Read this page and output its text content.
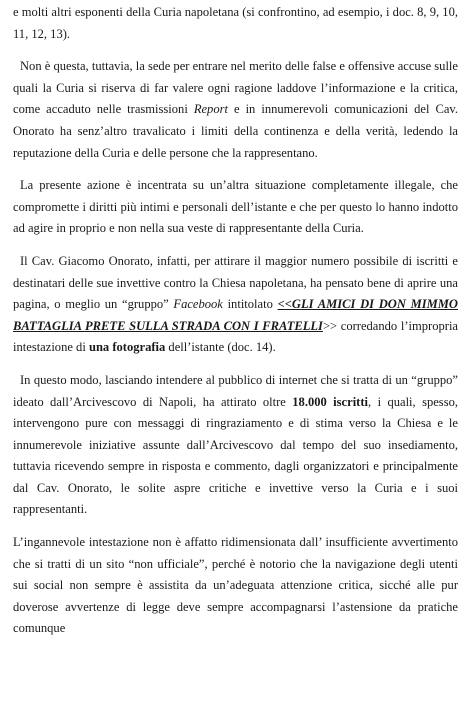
e molti altri esponenti della Curia napoletana (si confrontino, ad esempio, i doc. 8, 9, 10, 11, 12, 13).

Non è questa, tuttavia, la sede per entrare nel merito delle false e offensive accuse sulle quali la Curia si riserva di far valere ogni ragione laddove l’informazione e la critica, come accaduto nelle trasmissioni Report e in innumerevoli comunicazioni del Cav. Onorato ha senz’altro travalicato i limiti della continenza e della verità, ledendo la reputazione della Curia e delle persone che la rappresentano.

La presente azione è incentrata su un’altra situazione completamente illegale, che compromette i diritti più intimi e personali dell’istante e che per questo lo hanno indotto ad agire in proprio e non nella sua veste di rappresentante della Curia.

Il Cav. Giacomo Onorato, infatti, per attirare il maggior numero possibile di iscritti e destinatari delle sue invettive contro la Chiesa napoletana, ha pensato bene di aprire una pagina, o meglio un “gruppo” Facebook intitolato <<GLI AMICI DI DON MIMMO BATTAGLIA PRETE SULLA STRADA CON I FRATELLI>> corredando l’impropria intestazione di una fotografia dell’istante (doc. 14).

In questo modo, lasciando intendere al pubblico di internet che si tratta di un “gruppo” ideato dall’Arcivescovo di Napoli, ha attirato oltre 18.000 iscritti, i quali, spesso, intervengono pure con messaggi di ringraziamento e di stima verso la Chiesa e le innumerevole iniziative assunte dall’Arcivescovo dal tempo del suo insediamento, tuttavia ricevendo sempre in risposta e commento, dagli organizzatori e principalmente dal Cav. Onorato, le solite aspre critiche e invettive verso la Curia e i suoi rappresentanti.

L’ingannevole intestazione non è affatto ridimensionata dall’ insufficiente avvertimento che si tratti di un sito “non ufficiale”, perché è notorio che la navigazione degli utenti sui social non sempre è assistita da un’adeguata attenzione critica, sicché alle pur doverose avvertenze di legge deve sempre accompagnarsi l’astensione da pratiche comunque
